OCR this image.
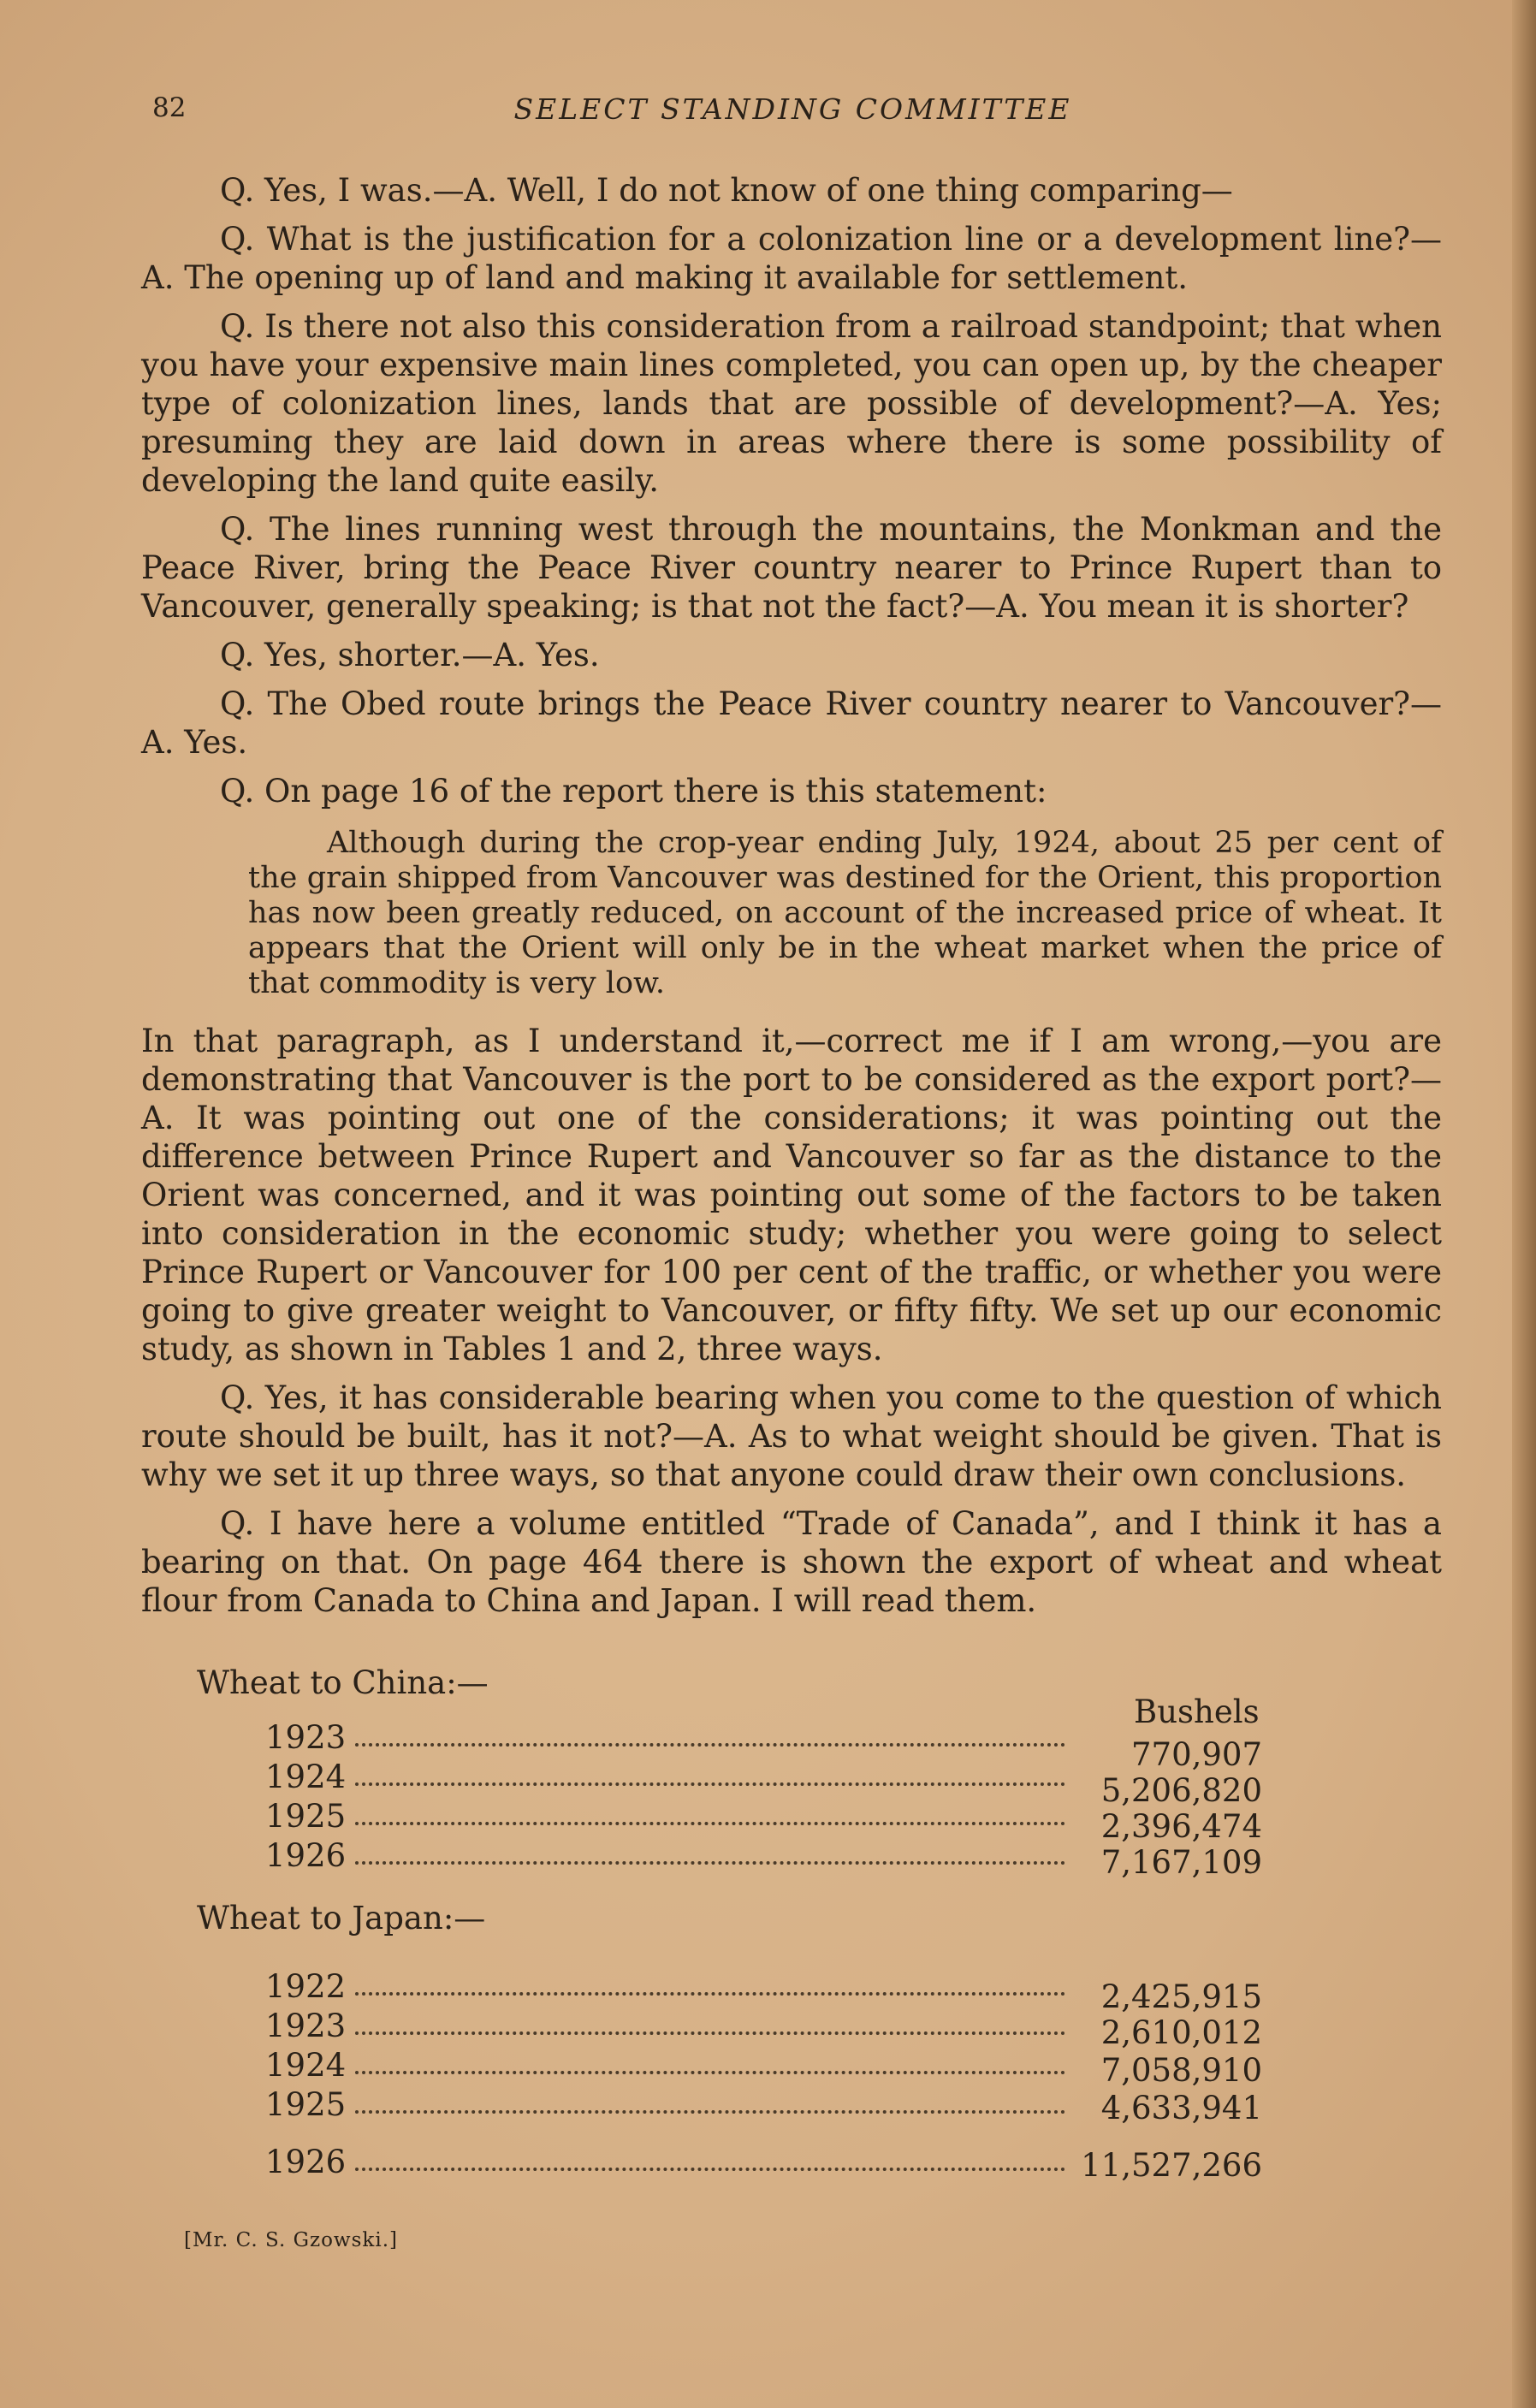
82	SELECT STANDING COMMITTEE

Q. Yes, I was.—A. Well, I do not know of one thing comparing—

Q. What is the justification for a colonization line or a development line?—A. The opening up of land and making it available for settlement.

Q. Is there not also this consideration from a railroad standpoint; that when you have your expensive main lines completed, you can open up, by the cheaper type of colonization lines, lands that are possible of development?—A. Yes; presuming they are laid down in areas where there is some possibility of developing the land quite easily.

Q. The lines running west through the mountains, the Monkman and the Peace River, bring the Peace River country nearer to Prince Rupert than to Vancouver, generally speaking; is that not the fact?—A. You mean it is shorter?

Q. Yes, shorter.—A. Yes.

Q. The Obed route brings the Peace River country nearer to Vancouver?—A. Yes.

Q. On page 16 of the report there is this statement:

Although during the crop-year ending July, 1924, about 25 per cent of the grain shipped from Vancouver was destined for the Orient, this proportion has now been greatly reduced, on account of the increased price of wheat. It appears that the Orient will only be in the wheat market when the price of that commodity is very low.

In that paragraph, as I understand it,—correct me if I am wrong,—you are demonstrating that Vancouver is the port to be considered as the export port?—A. It was pointing out one of the considerations; it was pointing out the difference between Prince Rupert and Vancouver so far as the distance to the Orient was concerned, and it was pointing out some of the factors to be taken into consideration in the economic study; whether you were going to select Prince Rupert or Vancouver for 100 per cent of the traffic, or whether you were going to give greater weight to Vancouver, or fifty fifty. We set up our economic study, as shown in Tables 1 and 2, three ways.

Q. Yes, it has considerable bearing when you come to the question of which route should be built, has it not?—A. As to what weight should be given. That is why we set it up three ways, so that anyone could draw their own conclusions.

Q. I have here a volume entitled “Trade of Canada”, and I think it has a bearing on that. On page 464 there is shown the export of wheat and wheat flour from Canada to China and Japan. I will read them.

Wheat to China:—
Bushels
1923	770,907
1924	5,206,820
1925	2,396,474
1926	7,167,109
Wheat to Japan:—
1922	2,425,915
1923	2,610,012
1924	7,058,910
1925	4,633,941
1926	11,527,266
[Mr. C. S. Gzowski.]
